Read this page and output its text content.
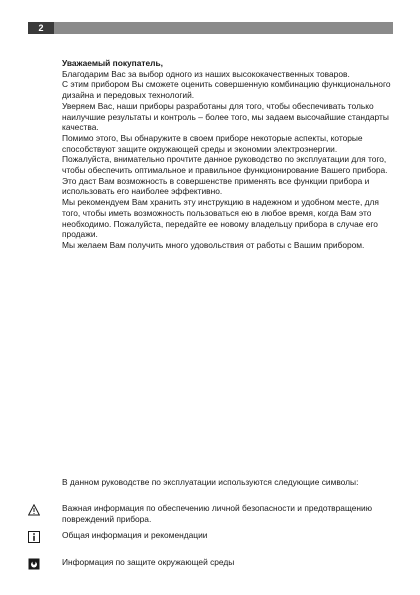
2

Уважаемый покупатель,

Благодарим Вас за выбор одного из наших высококачественных товаров.

С этим прибором Вы сможете оценить совершенную комбинацию функционального дизайна и передовых технологий.

Уверяем Вас, наши приборы разработаны для того, чтобы обеспечивать только наилучшие результаты и контроль – более того, мы задаем высочайшие стандарты качества.

Помимо этого, Вы обнаружите в своем приборе некоторые аспекты, которые способствуют защите окружающей среды и экономии электроэнергии.

Пожалуйста, внимательно прочтите данное руководство по эксплуатации для того, чтобы обеспечить оптимальное и правильное функционирование Вашего прибора. Это даст Вам возможность в совершенстве применять все функции прибора и использовать его наиболее эффективно.

Мы рекомендуем Вам хранить эту инструкцию в надежном и удобном месте, для того, чтобы иметь возможность пользоваться ею в любое время, когда Вам это необходимо. Пожалуйста, передайте ее новому владельцу прибора в случае его продажи.

Мы желаем Вам получить много удовольствия от работы с Вашим прибором.

В данном руководстве по эксплуатации используются следующие символы:

Важная информация по обеспечению личной безопасности и предотвращению повреждений прибора.

Общая информация и рекомендации

Информация по защите окружающей среды
